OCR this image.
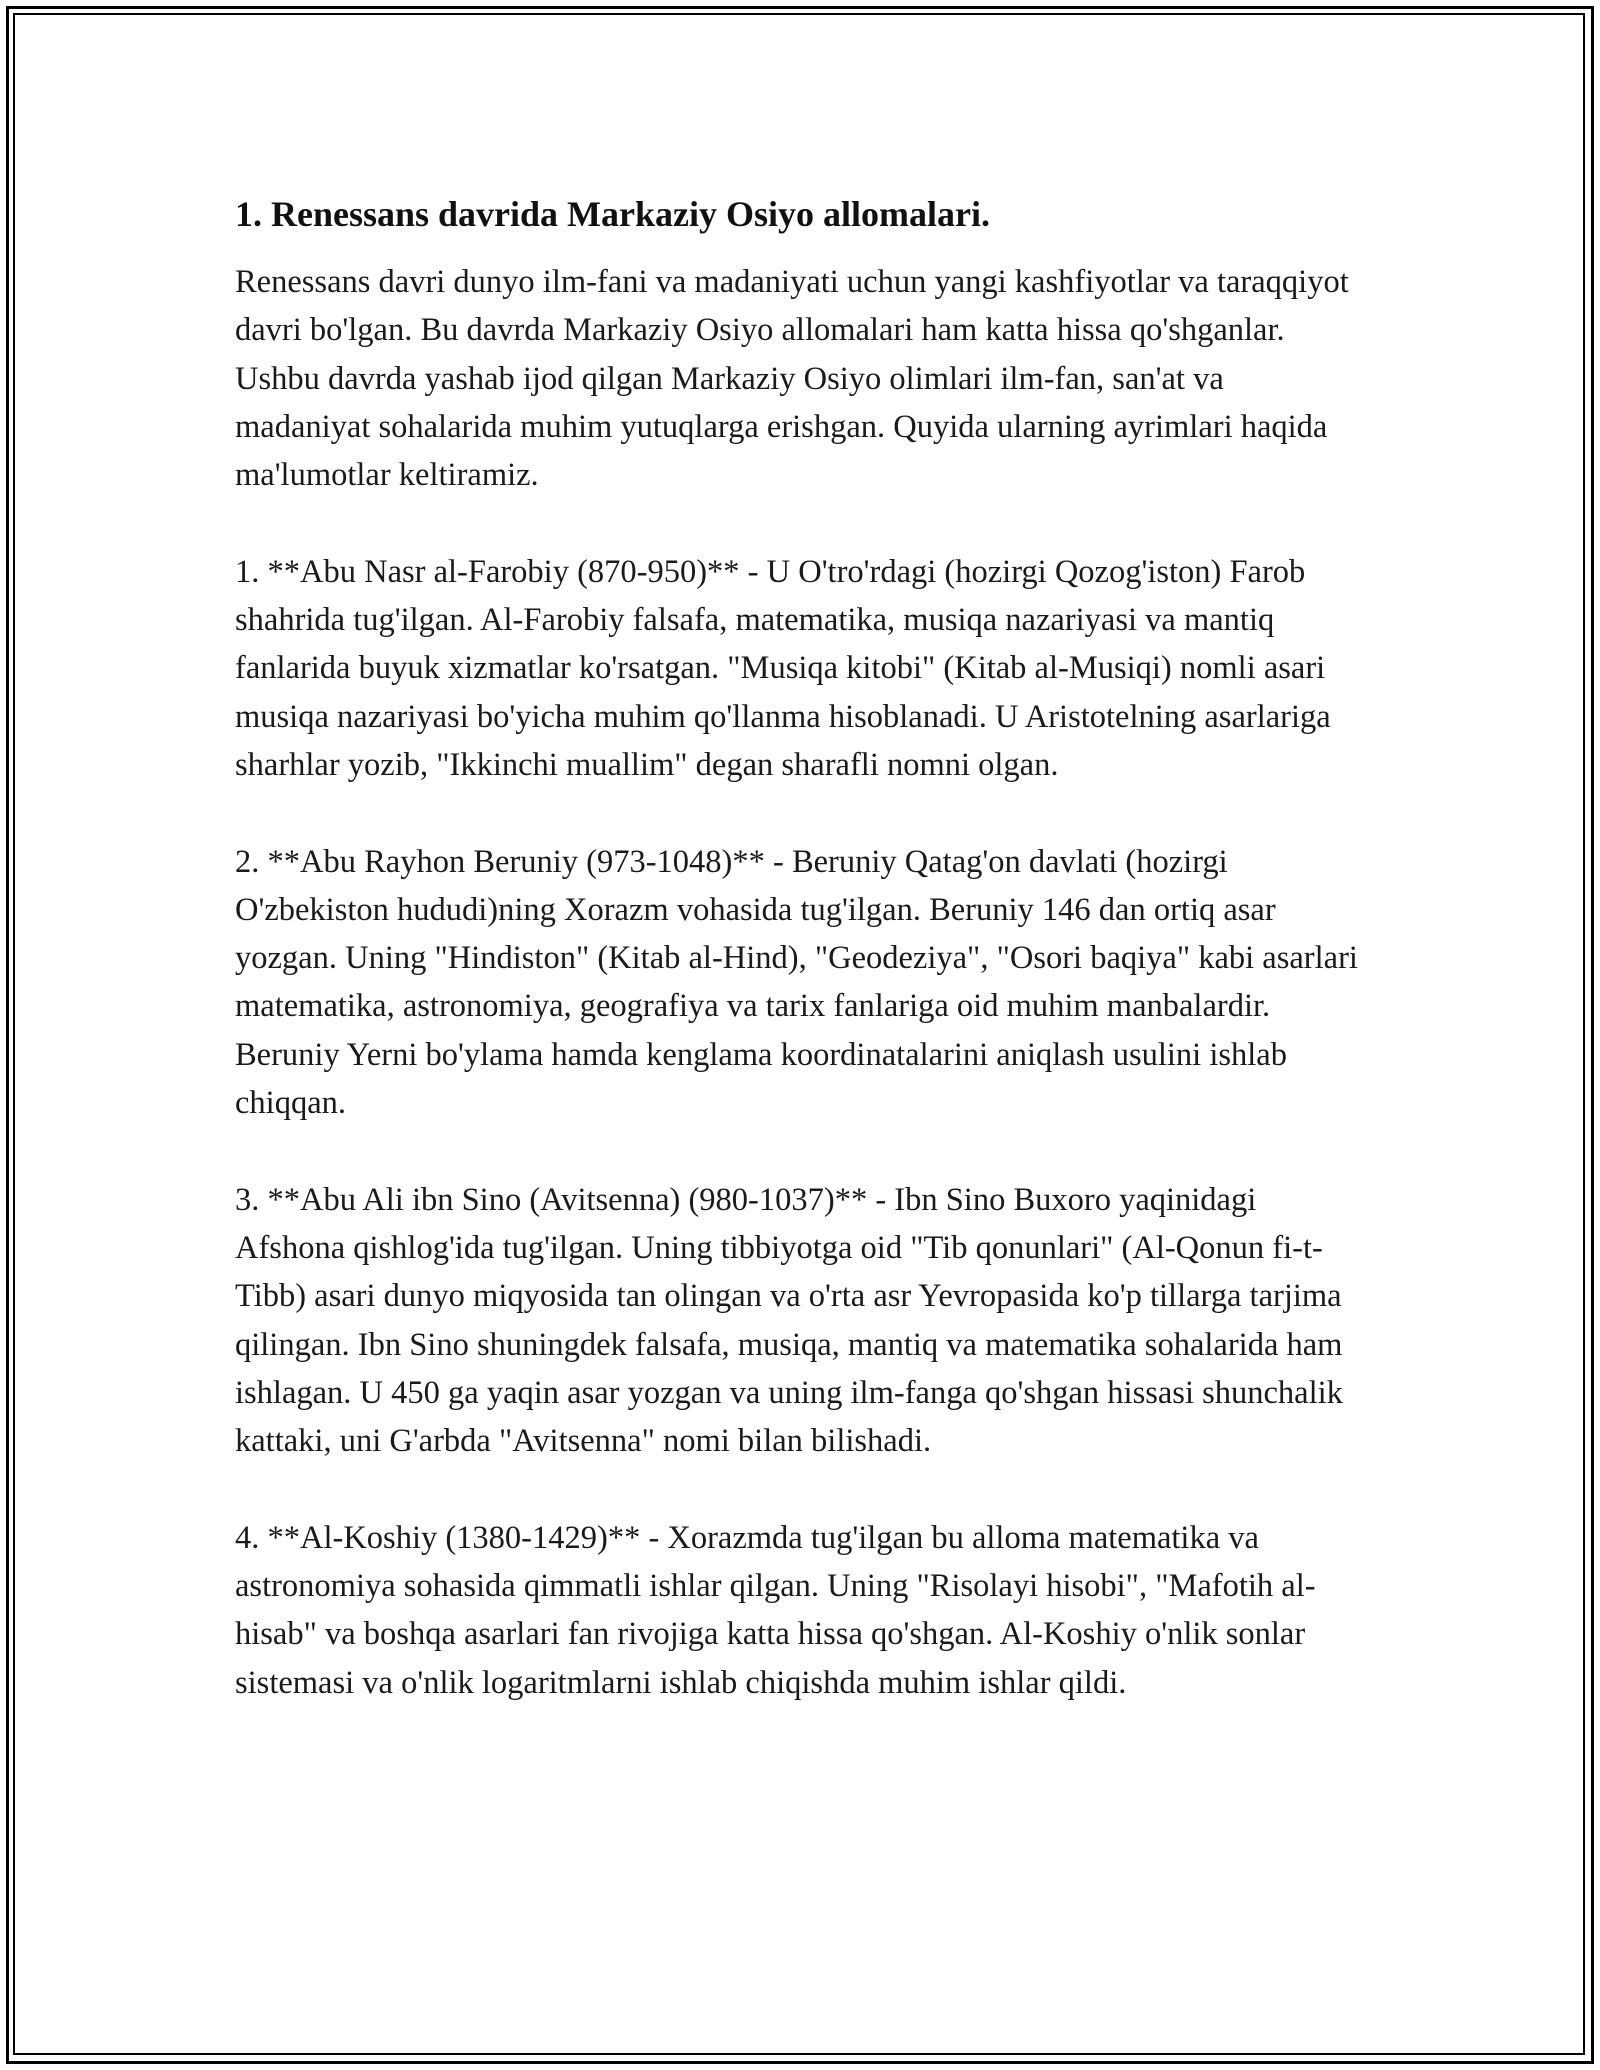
1. Renessans davrida Markaziy Osiyo allomalari.

Renessans davri dunyo ilm-fani va madaniyati uchun yangi kashfiyotlar va taraqqiyot davri bo'lgan. Bu davrda Markaziy Osiyo allomalari ham katta hissa qo'shganlar. Ushbu davrda yashab ijod qilgan Markaziy Osiyo olimlari ilm-fan, san'at va madaniyat sohalarida muhim yutuqlarga erishgan. Quyida ularning ayrimlari haqida ma'lumotlar keltiramiz.

1. **Abu Nasr al-Farobiy (870-950)** - U O'tro'rdagi (hozirgi Qozog'iston) Farob shahrida tug'ilgan. Al-Farobiy falsafa, matematika, musiqa nazariyasi va mantiq fanlarida buyuk xizmatlar ko'rsatgan. "Musiqa kitobi" (Kitab al-Musiqi) nomli asari musiqa nazariyasi bo'yicha muhim qo'llanma hisoblanadi. U Aristotelning asarlariga sharhlar yozib, "Ikkinchi muallim" degan sharafli nomni olgan.

2. **Abu Rayhon Beruniy (973-1048)** - Beruniy Qatag'on davlati (hozirgi O'zbekiston hududi)ning Xorazm vohasida tug'ilgan. Beruniy 146 dan ortiq asar yozgan. Uning "Hindiston" (Kitab al-Hind), "Geodeziya", "Osori baqiya" kabi asarlari matematika, astronomiya, geografiya va tarix fanlariga oid muhim manbalardir. Beruniy Yerni bo'ylama hamda kenglama koordinatalarini aniqlash usulini ishlab chiqqan.

3. **Abu Ali ibn Sino (Avitsenna) (980-1037)** - Ibn Sino Buxoro yaqinidagi Afshona qishlog'ida tug'ilgan. Uning tibbiyotga oid "Tib qonunlari" (Al-Qonun fi-t-Tibb) asari dunyo miqyosida tan olingan va o'rta asr Yevropasida ko'p tillarga tarjima qilingan. Ibn Sino shuningdek falsafa, musiqa, mantiq va matematika sohalarida ham ishlagan. U 450 ga yaqin asar yozgan va uning ilm-fanga qo'shgan hissasi shunchalik kattaki, uni G'arbda "Avitsenna" nomi bilan bilishadi.

4. **Al-Koshiy (1380-1429)** - Xorazmda tug'ilgan bu alloma matematika va astronomiya sohasida qimmatli ishlar qilgan. Uning "Risolayi hisobi", "Mafotih al-hisab" va boshqa asarlari fan rivojiga katta hissa qo'shgan. Al-Koshiy o'nlik sonlar sistemasi va o'nlik logaritmlarni ishlab chiqishda muhim ishlar qildi.
